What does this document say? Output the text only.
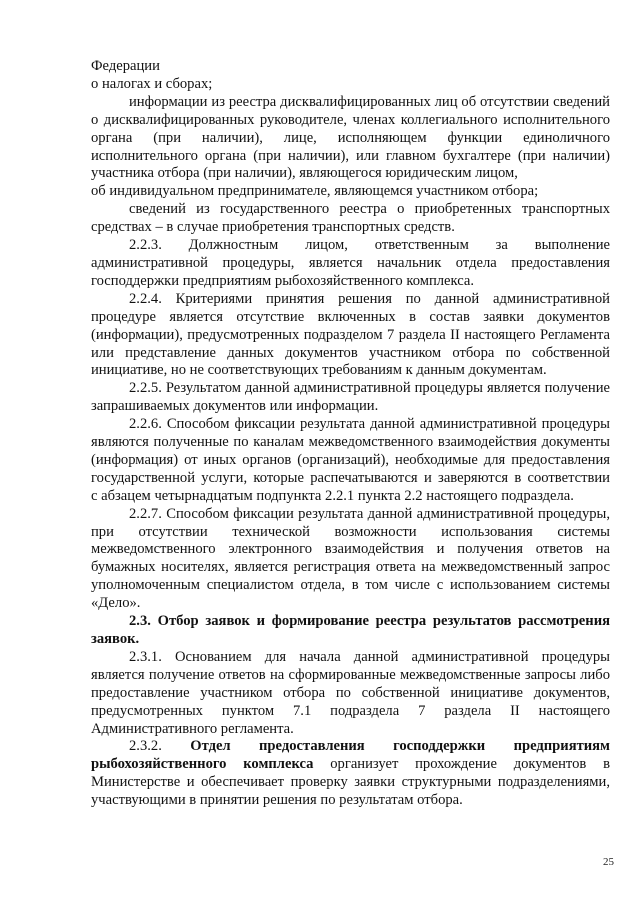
Федерации

о налогах и сборах;

информации из реестра дисквалифицированных лиц об отсутствии сведений о дисквалифицированных руководителе, членах коллегиального исполнительного органа (при наличии), лице, исполняющем функции единоличного исполнительного органа (при наличии), или главном бухгалтере (при наличии) участника отбора (при наличии), являющегося юридическим лицом,

об индивидуальном предпринимателе, являющемся участником отбора;

сведений из государственного реестра о приобретенных транспортных средствах – в случае приобретения транспортных средств.

2.2.3. Должностным лицом, ответственным за выполнение административной процедуры, является начальник отдела предоставления господдержки предприятиям рыбохозяйственного комплекса.

2.2.4. Критериями принятия решения по данной административной процедуре является отсутствие включенных в состав заявки документов (информации), предусмотренных подразделом 7 раздела II настоящего Регламента или представление данных документов участником отбора по собственной инициативе, но не соответствующих требованиям к данным документам.

2.2.5. Результатом данной административной процедуры является получение запрашиваемых документов или информации.

2.2.6. Способом фиксации результата данной административной процедуры являются полученные по каналам межведомственного взаимодействия документы (информация) от иных органов (организаций), необходимые для предоставления государственной услуги, которые распечатываются и заверяются в соответствии

с абзацем четырнадцатым подпункта 2.2.1 пункта 2.2 настоящего подраздела.

2.2.7. Способом фиксации результата данной административной процедуры, при отсутствии технической возможности использования системы межведомственного электронного взаимодействия и получения ответов на бумажных носителях, является регистрация ответа на межведомственный запрос уполномоченным специалистом отдела, в том числе с использованием системы «Дело».

2.3. Отбор заявок и формирование реестра результатов рассмотрения заявок.

2.3.1. Основанием для начала данной административной процедуры является получение ответов на сформированные межведомственные запросы либо предоставление участником отбора по собственной инициативе документов, предусмотренных пунктом 7.1 подраздела 7 раздела II настоящего Административного регламента.

2.3.2. Отдел предоставления господдержки предприятиям рыбохозяйственного комплекса организует прохождение документов в Министерстве и обеспечивает проверку заявки структурными подразделениями, участвующими в принятии решения по результатам отбора.

25
